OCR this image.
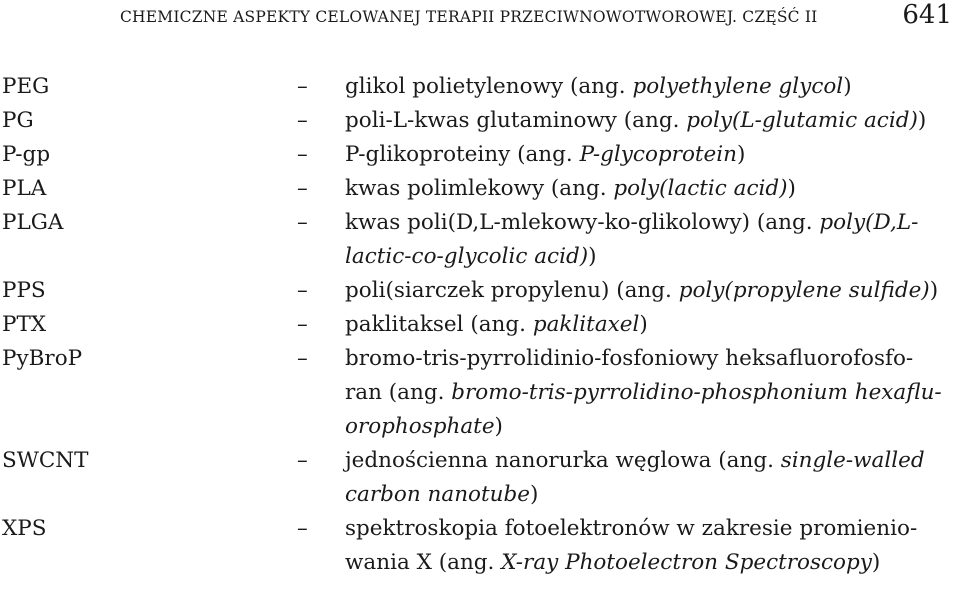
CHEMICZNE ASPEKTY CELOWANEJ TERAPII PRZECIWNOWOTWOROWEJ. CZĘŚĆ II	641
PEG	–	glikol polietylenowy (ang. polyethylene glycol)
PG	–	poli-L-kwas glutaminowy (ang. poly(L-glutamic acid))
P-gp	–	P-glikoproteiny (ang. P-glycoprotein)
PLA	–	kwas polimlekowy (ang. poly(lactic acid))
PLGA	–	kwas poli(D,L-mlekowy-ko-glikolowy) (ang. poly(D,L-
lactic-co-glycolic acid))
PPS	–	poli(siarczek propylenu) (ang. poly(propylene sulfide))
PTX	–	paklitaksel (ang. paklitaxel)
PyBroP	–	bromo-tris-pyrrolidinio-fosfoniowy heksafluorofosfo-
ran (ang. bromo-tris-pyrrolidino-phosphonium hexaflu-
orophosphate)
SWCNT	–	jednościenna nanorurka węglowa (ang. single-walled
carbon nanotube)
XPS	–	spektroskopia fotoelektronów w zakresie promienio-
wania X (ang. X-ray Photoelectron Spectroscopy)
